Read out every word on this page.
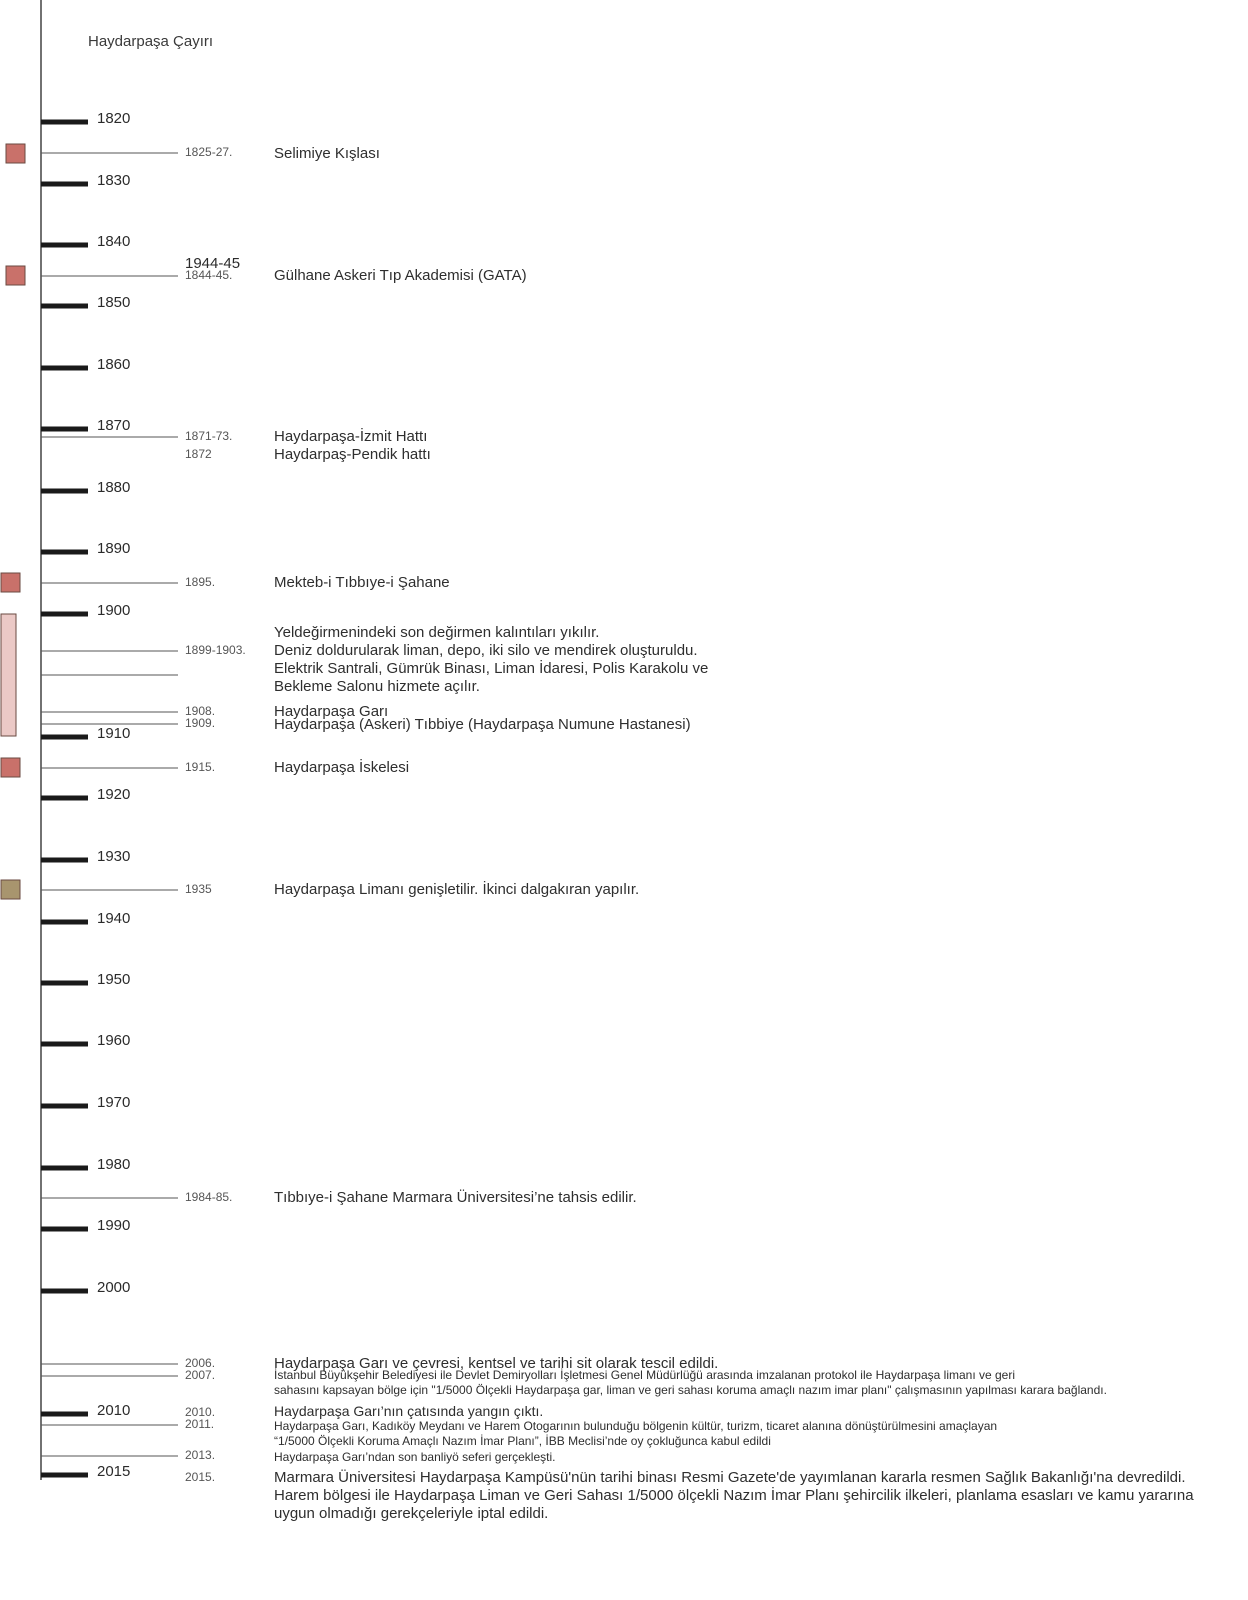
Haydarpaşa Çayırı
1820
1830
1840
1850
1860
1870
1880
1890
1900
1910
1920
1930
1940
1950
1960
1970
1980
1990
2000
2010
2015
1944-45
1825-27.	Selimiye Kışlası
1844-45.	Gülhane Askeri Tıp Akademisi (GATA)
1871-73.	Haydarpaşa-İzmit Hattı
1872	Haydarpaş-Pendik hattı
1895.	Mekteb-i Tıbbıye-i Şahane
1899-1903.
Yeldeğirmenindeki son değirmen kalıntıları yıkılır.
Deniz doldurularak liman, depo, iki silo ve mendirek oluşturuldu.
Elektrik Santrali, Gümrük Binası, Liman İdaresi, Polis Karakolu ve
Bekleme Salonu hizmete açılır.
1908.	Haydarpaşa Garı
1909.	Haydarpaşa (Askeri) Tıbbiye (Haydarpaşa Numune Hastanesi)
1915.	Haydarpaşa İskelesi
1935	Haydarpaşa Limanı genişletilir. İkinci dalgakıran yapılır.
1984-85.	Tıbbıye-i Şahane Marmara Üniversitesi’ne tahsis edilir.
2006.	Haydarpaşa Garı ve çevresi, kentsel ve tarihi sit olarak tescil edildi.
2007.	İstanbul Büyükşehir Belediyesi ile Devlet Demiryolları İşletmesi Genel Müdürlüğü arasında imzalanan protokol ile Haydarpaşa limanı ve geri
sahasını kapsayan bölge için "1/5000 Ölçekli Haydarpaşa gar, liman ve geri sahası koruma amaçlı nazım imar planı" çalışmasının yapılması karara bağlandı.
2010.	Haydarpaşa Garı’nın çatısında yangın çıktı.
2011.	Haydarpaşa Garı, Kadıköy Meydanı ve Harem Otogarının bulunduğu bölgenin kültür, turizm, ticaret alanına dönüştürülmesini amaçlayan
“1/5000 Ölçekli Koruma Amaçlı Nazım İmar Planı”, İBB Meclisi’nde oy çokluğunca kabul edildi
2013.	Haydarpaşa Garı’ndan son banliyö seferi gerçekleşti.
2015.	Marmara Üniversitesi Haydarpaşa Kampüsü'nün tarihi binası Resmi Gazete'de yayımlanan kararla resmen Sağlık Bakanlığı'na devredildi.
Harem bölgesi ile Haydarpaşa Liman ve Geri Sahası 1/5000 ölçekli Nazım İmar Planı şehircilik ilkeleri, planlama esasları ve kamu yararına
uygun olmadığı gerekçeleriyle iptal edildi.
